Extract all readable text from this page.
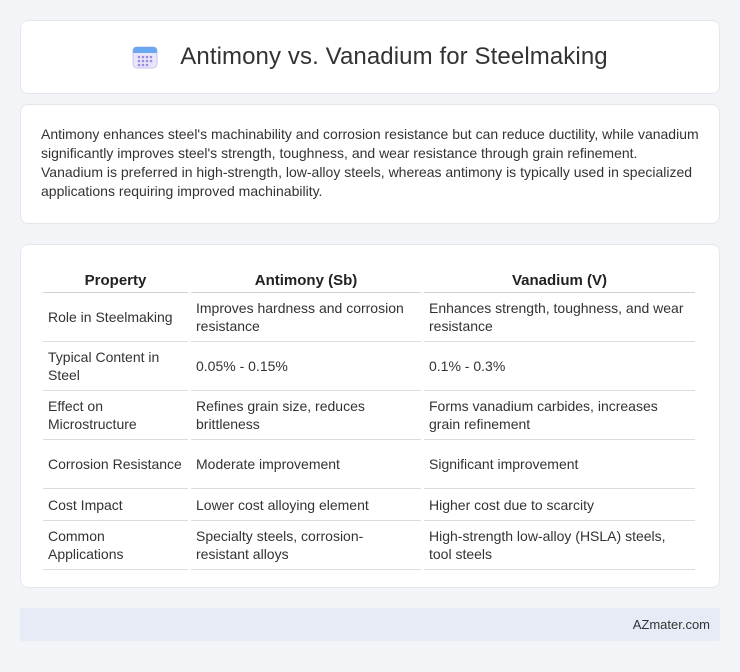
Antimony vs. Vanadium for Steelmaking

Antimony enhances steel's machinability and corrosion resistance but can reduce ductility, while vanadium significantly improves steel's strength, toughness, and wear resistance through grain refinement. Vanadium is preferred in high-strength, low-alloy steels, whereas antimony is typically used in specialized applications requiring improved machinability.

Property	Antimony (Sb)	Vanadium (V)
Role in Steelmaking	Improves hardness and corrosion resistance	Enhances strength, toughness, and wear resistance
Typical Content in Steel	0.05% - 0.15%	0.1% - 0.3%
Effect on Microstructure	Refines grain size, reduces brittleness	Forms vanadium carbides, increases grain refinement
Corrosion Resistance	Moderate improvement	Significant improvement
Cost Impact	Lower cost alloying element	Higher cost due to scarcity
Common Applications	Specialty steels, corrosion-resistant alloys	High-strength low-alloy (HSLA) steels, tool steels
AZmater.com
